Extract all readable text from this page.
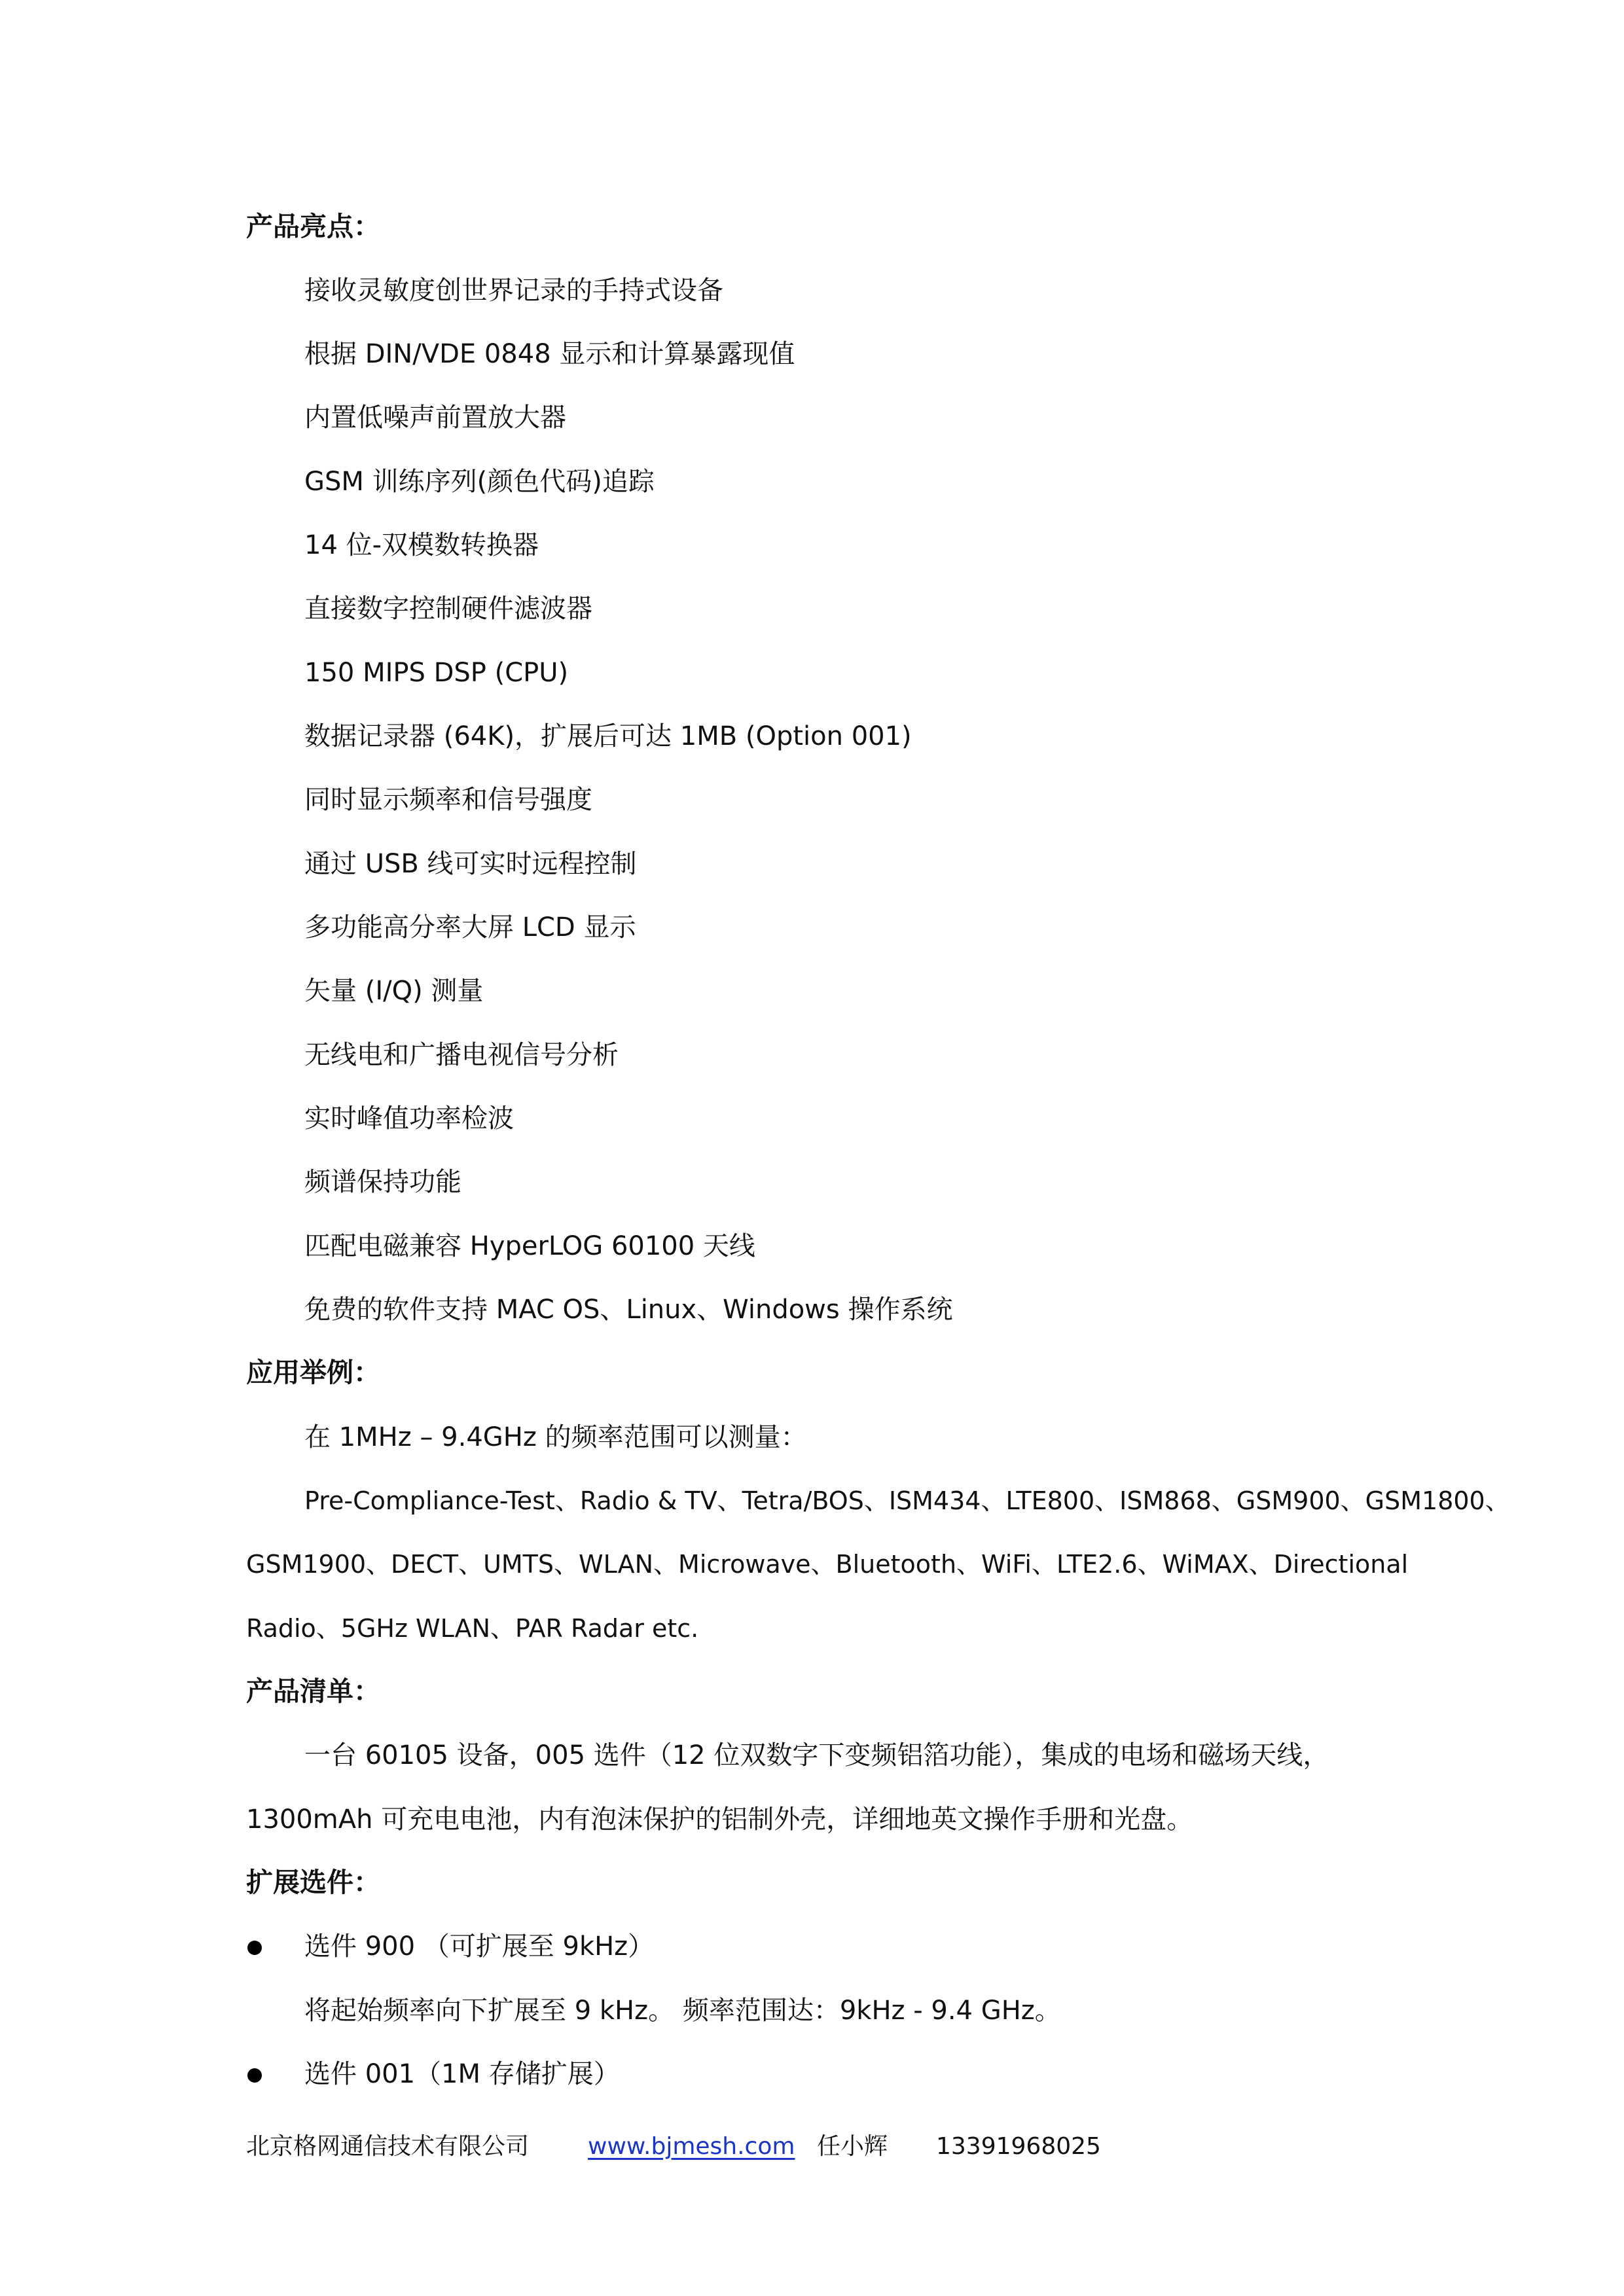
产品亮点：
接收灵敏度创世界记录的手持式设备
根据 DIN/VDE 0848 显示和计算暴露现值
内置低噪声前置放大器
GSM 训练序列(颜色代码)追踪
14 位-双模数转换器
直接数字控制硬件滤波器
150 MIPS DSP (CPU)
数据记录器 (64K)，扩展后可达 1MB (Option 001)
同时显示频率和信号强度
通过 USB 线可实时远程控制
多功能高分率大屏 LCD 显示
矢量 (I/Q) 测量
无线电和广播电视信号分析
实时峰值功率检波
频谱保持功能
匹配电磁兼容 HyperLOG 60100 天线
免费的软件支持 MAC OS、Linux、Windows 操作系统
应用举例：
在 1MHz – 9.4GHz 的频率范围可以测量：
Pre-Compliance-Test、Radio & TV、Tetra/BOS、ISM434、LTE800、ISM868、GSM900、GSM1800、
GSM1900、DECT、UMTS、WLAN、Microwave、Bluetooth、WiFi、LTE2.6、WiMAX、Directional
Radio、5GHz WLAN、PAR Radar etc.
产品清单：
一台 60105 设备，005 选件（12 位双数字下变频铝箔功能），集成的电场和磁场天线，
1300mAh 可充电电池，内有泡沫保护的铝制外壳，详细地英文操作手册和光盘。
扩展选件：
选件 900 （可扩展至 9kHz）
将起始频率向下扩展至 9 kHz。 频率范围达：9kHz - 9.4 GHz。
选件 001（1M 存储扩展）
北京格网通信技术有限公司 www.bjmesh.com 任小辉 13391968025
